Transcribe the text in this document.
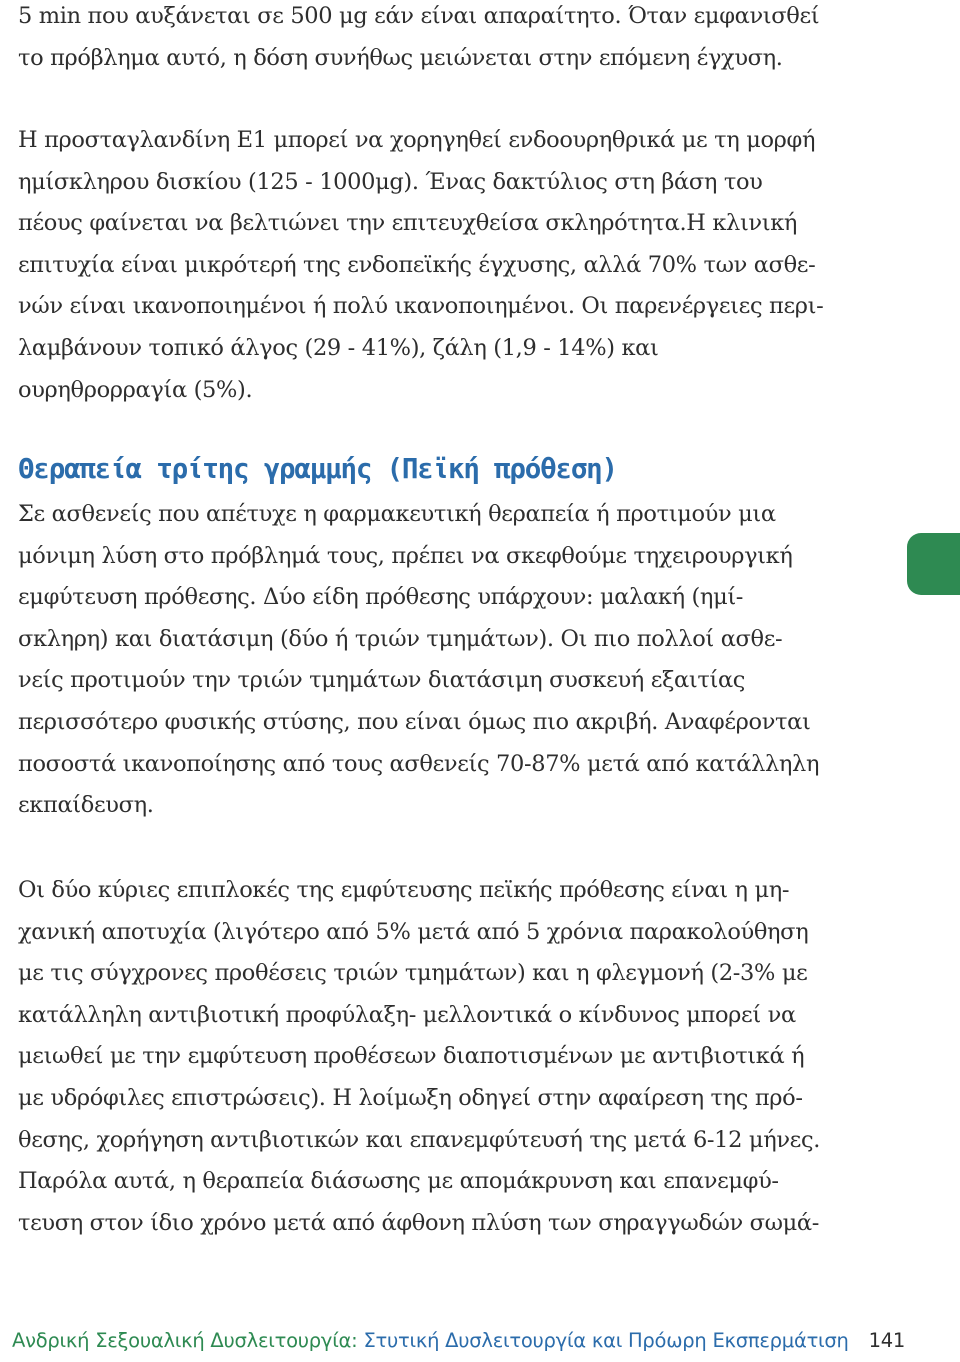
5 min που αυξάνεται σε 500 μg εάν είναι απαραίτητο. Όταν εμφανισθεί
το πρόβλημα αυτό, η δόση συνήθως μειώνεται στην επόμενη έγχυση.
Η προσταγλανδίνη Ε1 μπορεί να χορηγηθεί ενδοουρηθρικά με τη μορφή
ημίσκληρου δισκίου (125 - 1000μg). Ένας δακτύλιος στη βάση του
πέους φαίνεται να βελτιώνει την επιτευχθείσα σκληρότητα.Η κλινική
επιτυχία είναι μικρότερή της ενδοπεϊκής έγχυσης, αλλά 70% των ασθε-
νών είναι ικανοποιημένοι ή πολύ ικανοποιημένοι. Οι παρενέργειες περι-
λαμβάνουν τοπικό άλγος (29 - 41%), ζάλη (1,9 - 14%) και
ουρηθρορραγία (5%).
Θεραπεία τρίτης γραμμής (Πεϊκή πρόθεση)
Σε ασθενείς που απέτυχε η φαρμακευτική θεραπεία ή προτιμούν μια
μόνιμη λύση στο πρόβλημά τους, πρέπει να σκεφθούμε τηχειρουργική
εμφύτευση πρόθεσης. Δύο είδη πρόθεσης υπάρχουν: μαλακή (ημί-
σκληρη) και διατάσιμη (δύο ή τριών τμημάτων). Οι πιο πολλοί ασθε-
νείς προτιμούν την τριών τμημάτων διατάσιμη συσκευή εξαιτίας
περισσότερο φυσικής στύσης, που είναι όμως πιο ακριβή. Αναφέρονται
ποσοστά ικανοποίησης από τους ασθενείς 70-87% μετά από κατάλληλη
εκπαίδευση.
Οι δύο κύριες επιπλοκές της εμφύτευσης πεϊκής πρόθεσης είναι η μη-
χανική αποτυχία (λιγότερο από 5% μετά από 5 χρόνια παρακολούθηση
με τις σύγχρονες προθέσεις τριών τμημάτων) και η φλεγμονή (2-3% με
κατάλληλη αντιβιοτική προφύλαξη- μελλοντικά ο κίνδυνος μπορεί να
μειωθεί με την εμφύτευση προθέσεων διαποτισμένων με αντιβιοτικά ή
με υδρόφιλες επιστρώσεις). Η λοίμωξη οδηγεί στην αφαίρεση της πρό-
θεσης, χορήγηση αντιβιοτικών και επανεμφύτευσή της μετά 6-12 μήνες.
Παρόλα αυτά, η θεραπεία διάσωσης με απομάκρυνση και επανεμφύ-
τευση στον ίδιο χρόνο μετά από άφθονη πλύση των σηραγγωδών σωμά-
Ανδρική Σεξουαλική Δυσλειτουργία: Στυτική Δυσλειτουργία και Πρόωρη Εκσπερμάτιση 141
